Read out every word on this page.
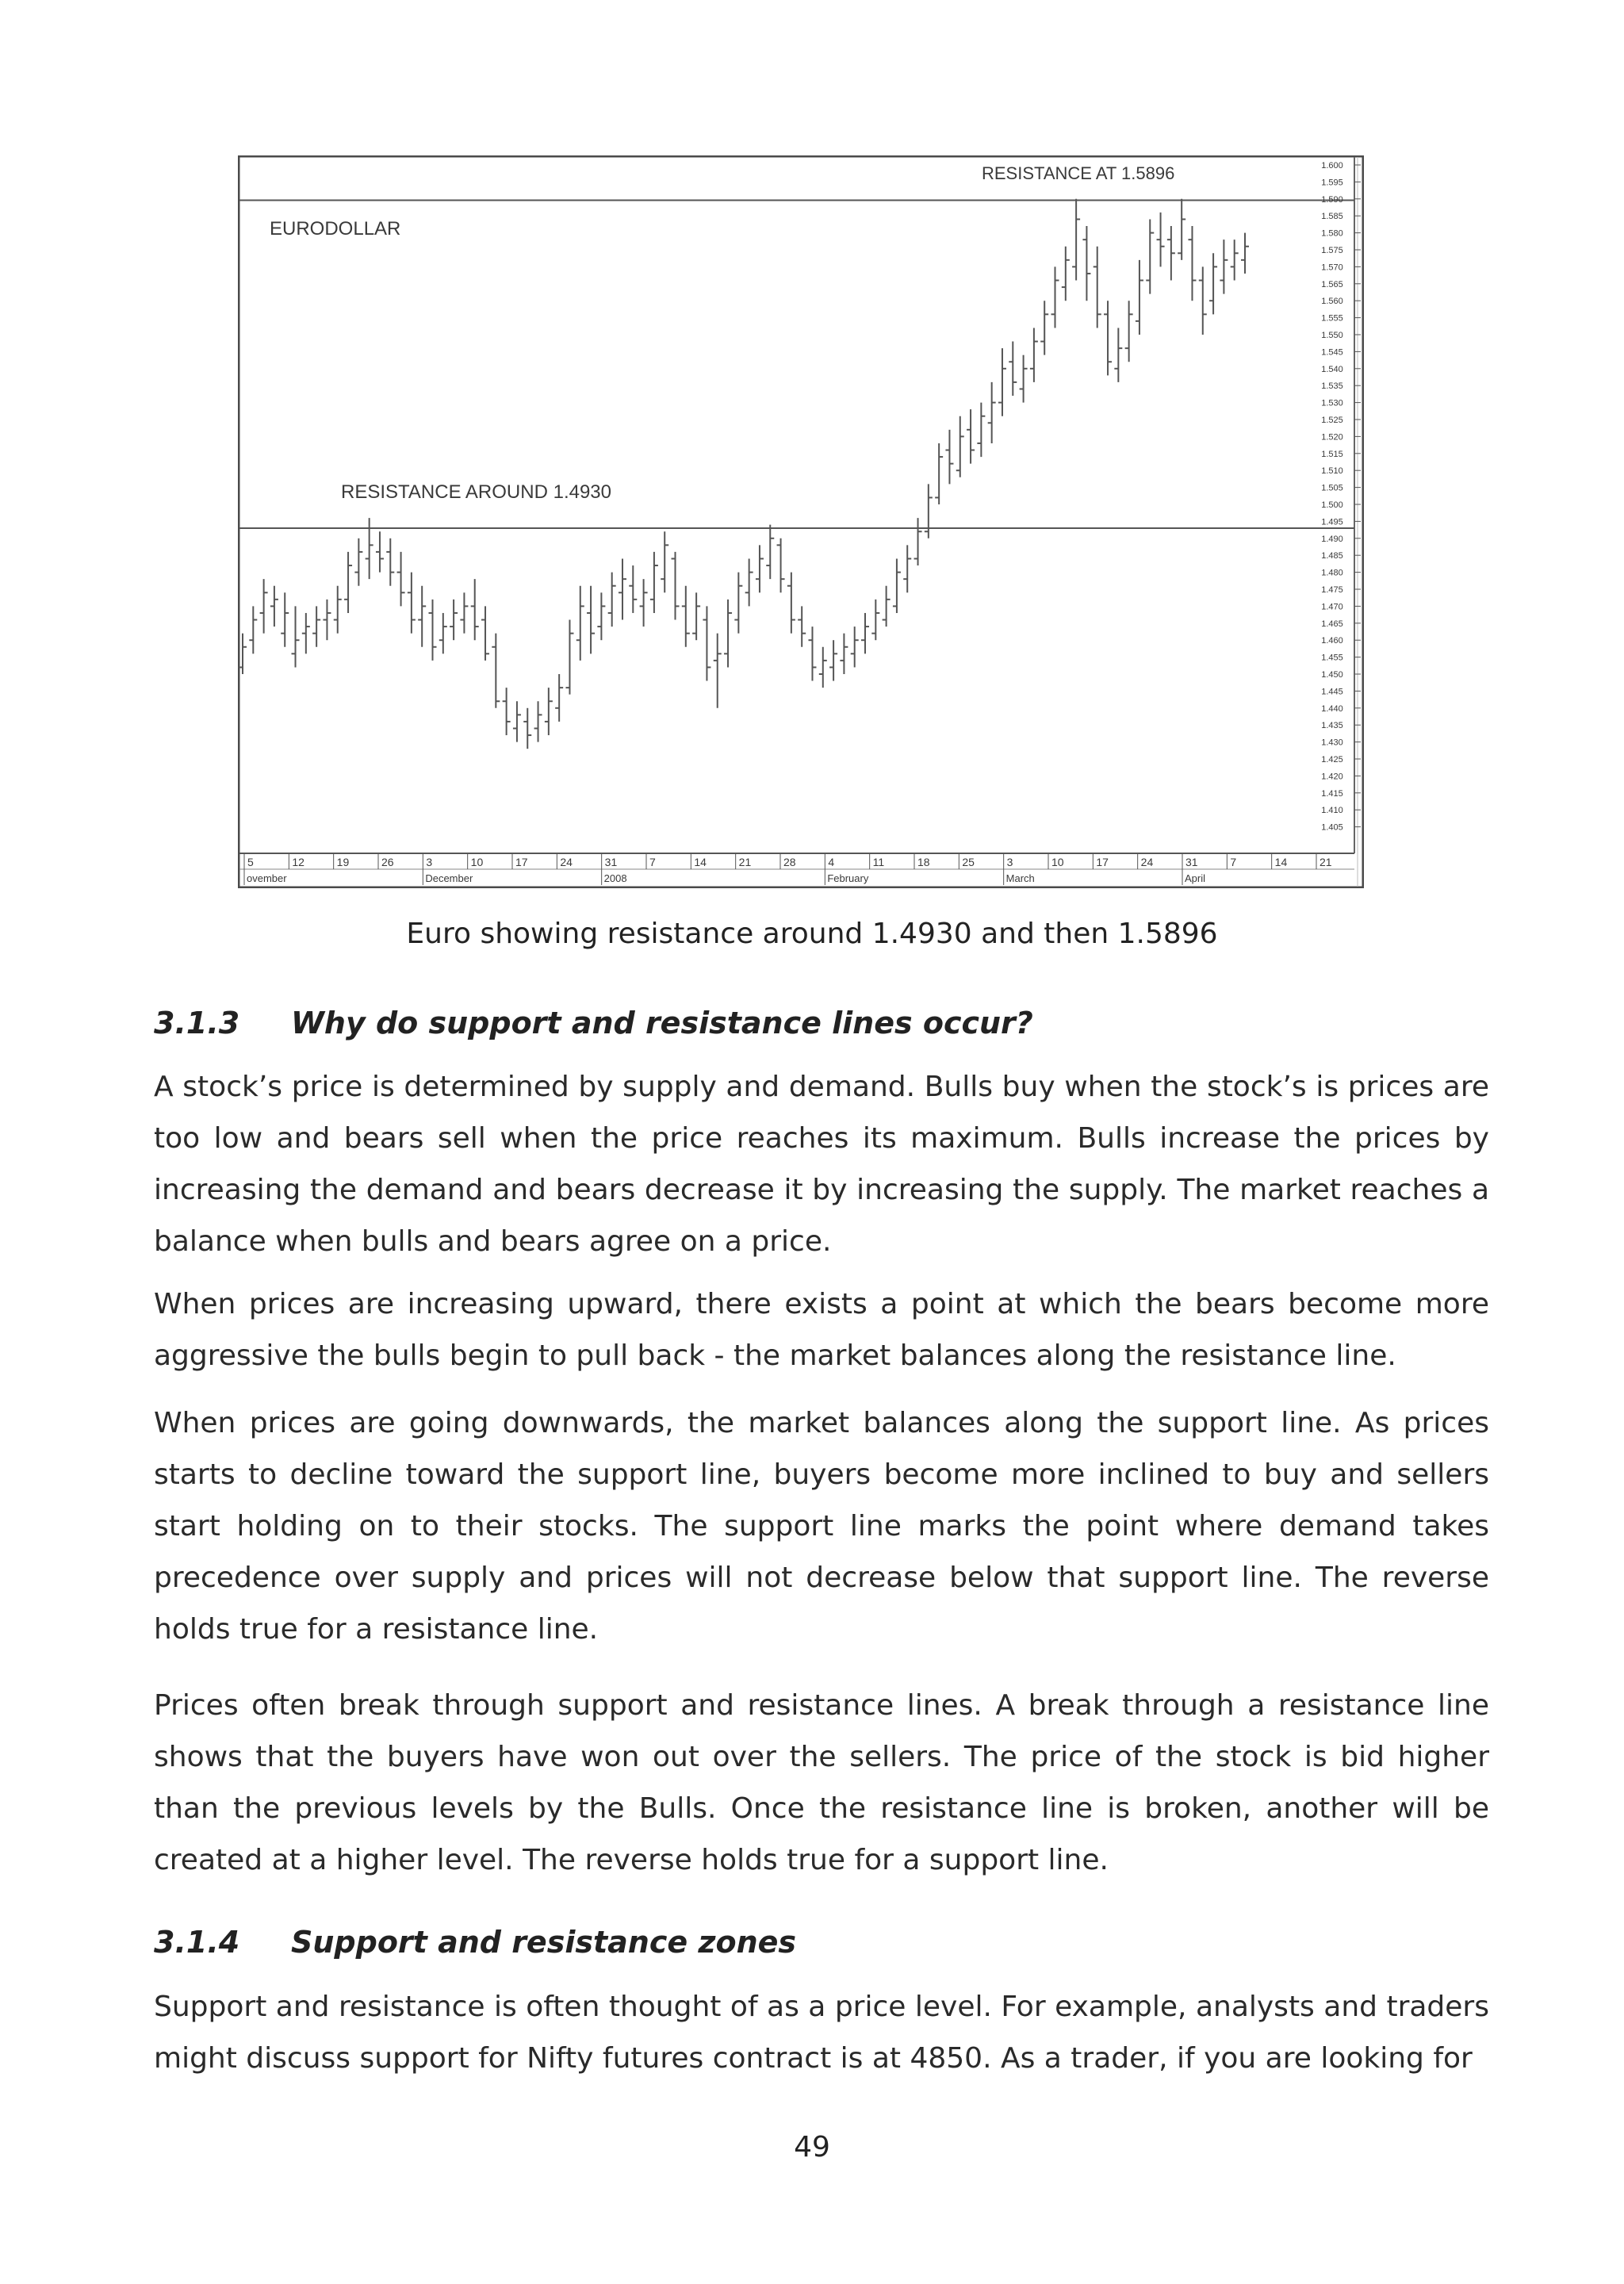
EURODOLLAR
RESISTANCE AT 1.5896
RESISTANCE AROUND 1.4930
1.600
1.595
1.590
1.585
1.580
1.575
1.570
1.565
1.560
1.555
1.550
1.545
1.540
1.535
1.530
1.525
1.520
1.515
1.510
1.505
1.500
1.495
1.490
1.485
1.480
1.475
1.470
1.465
1.460
1.455
1.450
1.445
1.440
1.435
1.430
1.425
1.420
1.415
1.410
1.405
5	12	19	26	3	10	17	24	31	7	14	21	28	4	11	18	25	3	10	17	24	31	7	14	21
ovember	December	2008	February	March	April
Euro showing resistance around 1.4930 and then 1.5896
3.1.3 Why do support and resistance lines occur?

A stock’s price is determined by supply and demand. Bulls buy when the stock’s is prices are too low and bears sell when the price reaches its maximum. Bulls increase the prices by increasing the demand and bears decrease it by increasing the supply. The market reaches a balance when bulls and bears agree on a price.

When prices are increasing upward, there exists a point at which the bears become more aggressive the bulls begin to pull back - the market balances along the resistance line.

When prices are going downwards, the market balances along the support line. As prices starts to decline toward the support line, buyers become more inclined to buy and sellers start holding on to their stocks. The support line marks the point where demand takes precedence over supply and prices will not decrease below that support line. The reverse holds true for a resistance line.

Prices often break through support and resistance lines. A break through a resistance line shows that the buyers have won out over the sellers. The price of the stock is bid higher than the previous levels by the Bulls. Once the resistance line is broken, another will be created at a higher level. The reverse holds true for a support line.

3.1.4 Support and resistance zones

Support and resistance is often thought of as a price level. For example, analysts and traders might discuss support for Nifty futures contract is at 4850. As a trader, if you are looking for

49
